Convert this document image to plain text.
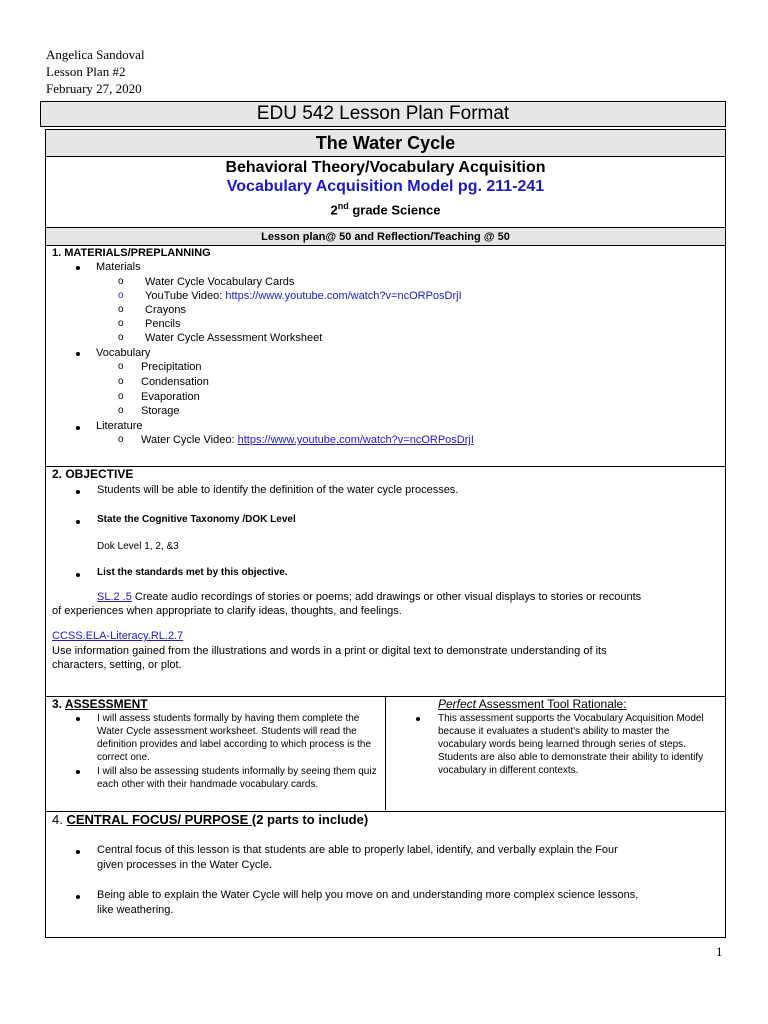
Angelica Sandoval
Lesson Plan #2
February 27, 2020
EDU 542 Lesson Plan Format
The Water Cycle
Behavioral Theory/Vocabulary Acquisition
Vocabulary Acquisition Model pg. 211-241
2nd grade Science
Lesson plan@ 50 and Reflection/Teaching @ 50
1. MATERIALS/PREPLANNING
Materials
o Water Cycle Vocabulary Cards
o YouTube Video: https://www.youtube.com/watch?v=ncORPosDrjI
o Crayons
o Pencils
o Water Cycle Assessment Worksheet
Vocabulary
o Precipitation
o Condensation
o Evaporation
o Storage
Literature
o Water Cycle Video: https://www.youtube.com/watch?v=ncORPosDrjI
2. OBJECTIVE
Students will be able to identify the definition of the water cycle processes.
State the Cognitive Taxonomy /DOK Level
Dok Level 1, 2, &3
List the standards met by this objective.
SL.2 .5 Create audio recordings of stories or poems; add drawings or other visual displays to stories or recounts
of experiences when appropriate to clarify ideas, thoughts, and feelings.
CCSS.ELA-Literacy.RL.2.7
Use information gained from the illustrations and words in a print or digital text to demonstrate understanding of its
characters, setting, or plot.
3. ASSESSMENT
I will assess students formally by having them complete the Water Cycle assessment worksheet. Students will read the definition provides and label according to which process is the correct one.
I will also be assessing students informally by seeing them quiz each other with their handmade vocabulary cards.
Perfect Assessment Tool Rationale:
This assessment supports the Vocabulary Acquisition Model because it evaluates a student's ability to master the vocabulary words being learned through series of steps. Students are also able to demonstrate their ability to identify vocabulary in different contexts.
4. CENTRAL FOCUS/ PURPOSE (2 parts to include)
Central focus of this lesson is that students are able to properly label, identify, and verbally explain the Four
given processes in the Water Cycle.
Being able to explain the Water Cycle will help you move on and understanding more complex science lessons,
like weathering.
1
